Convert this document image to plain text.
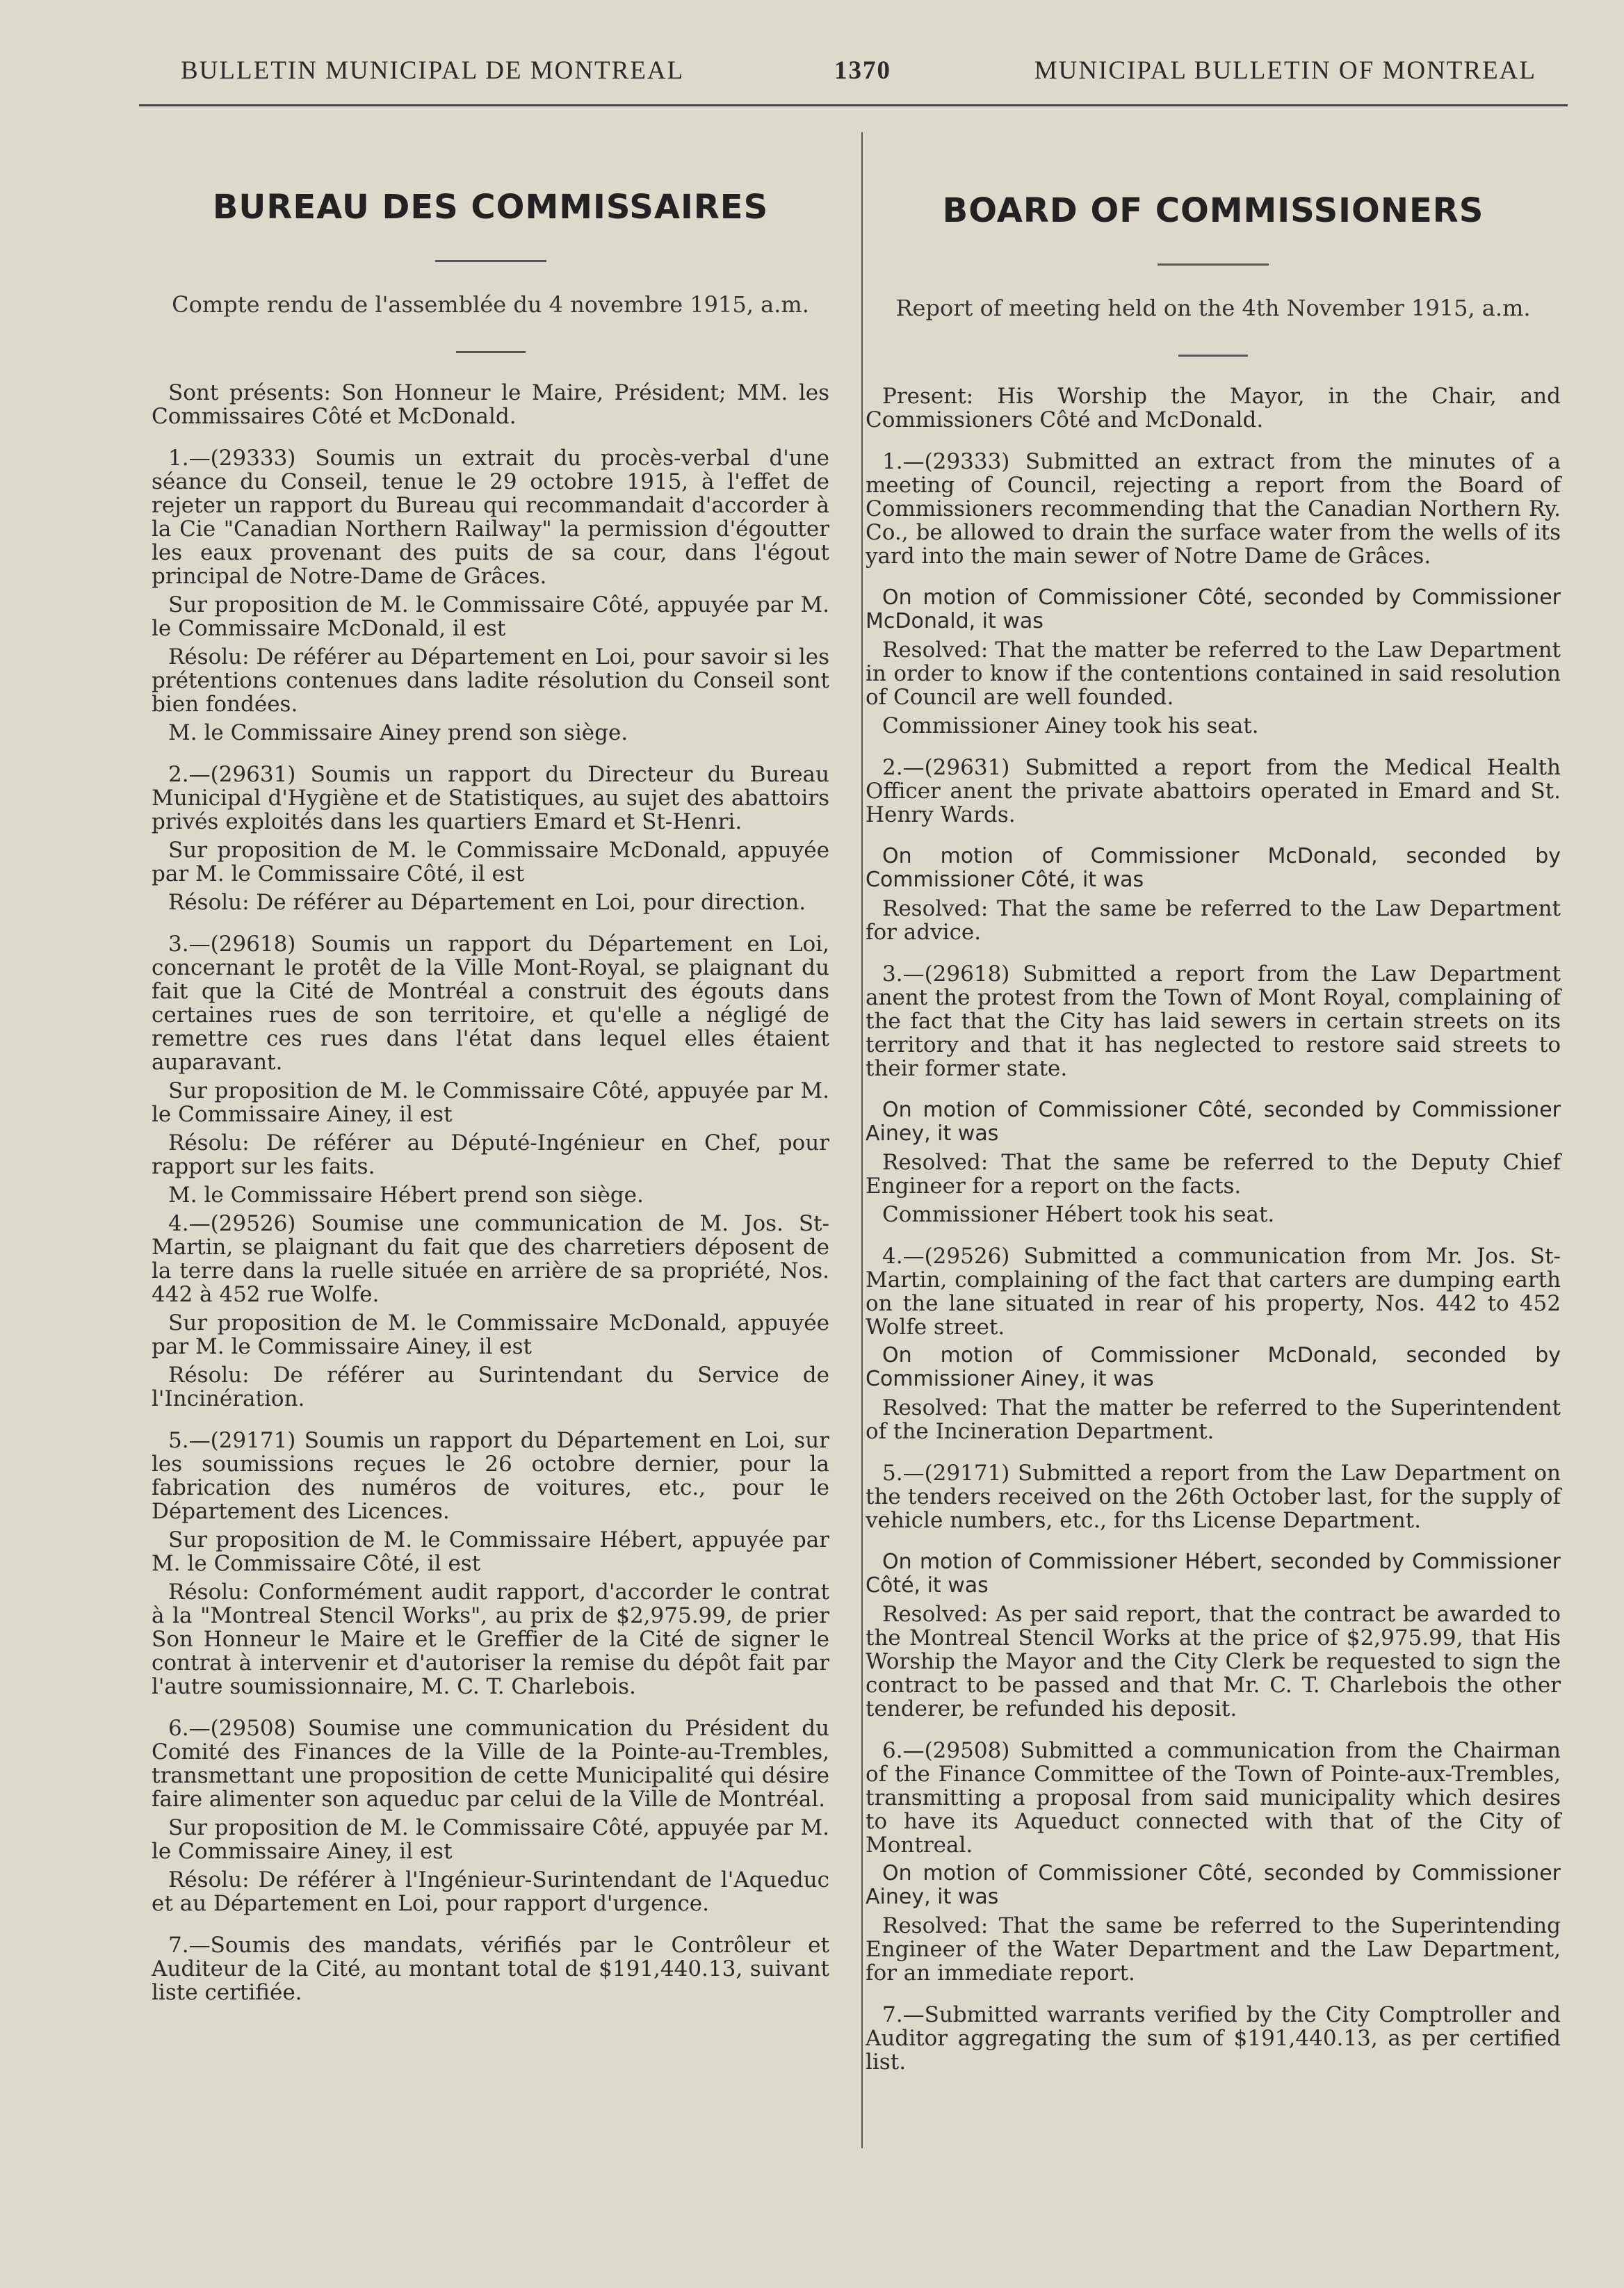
BULLETIN MUNICIPAL DE MONTREAL	1370	MUNICIPAL BULLETIN OF MONTREAL
BUREAU DES COMMISSAIRES
Compte rendu de l'assemblée du 4 novembre 1915, a.m.

Sont présents: Son Honneur le Maire, Président; MM. les Commissaires Côté et McDonald.

1.—(29333) Soumis un extrait du procès-verbal d'une séance du Conseil, tenue le 29 octobre 1915, à l'effet de rejeter un rapport du Bureau qui recommandait d'accorder à la Cie "Canadian Northern Railway" la permission d'égoutter les eaux provenant des puits de sa cour, dans l'égout principal de Notre-Dame de Grâces.

Sur proposition de M. le Commissaire Côté, appuyée par M. le Commissaire McDonald, il est

Résolu: De référer au Département en Loi, pour savoir si les prétentions contenues dans ladite résolution du Conseil sont bien fondées.

M. le Commissaire Ainey prend son siège.

2.—(29631) Soumis un rapport du Directeur du Bureau Municipal d'Hygiène et de Statistiques, au sujet des abattoirs privés exploités dans les quartiers Emard et St-Henri.

Sur proposition de M. le Commissaire McDonald, appuyée par M. le Commissaire Côté, il est

Résolu: De référer au Département en Loi, pour direction.

3.—(29618) Soumis un rapport du Département en Loi, concernant le protêt de la Ville Mont-Royal, se plaignant du fait que la Cité de Montréal a construit des égouts dans certaines rues de son territoire, et qu'elle a négligé de remettre ces rues dans l'état dans lequel elles étaient auparavant.

Sur proposition de M. le Commissaire Côté, appuyée par M. le Commissaire Ainey, il est

Résolu: De référer au Député-Ingénieur en Chef, pour rapport sur les faits.

M. le Commissaire Hébert prend son siège.

4.—(29526) Soumise une communication de M. Jos. St-Martin, se plaignant du fait que des charretiers déposent de la terre dans la ruelle située en arrière de sa propriété, Nos. 442 à 452 rue Wolfe.

Sur proposition de M. le Commissaire McDonald, appuyée par M. le Commissaire Ainey, il est

Résolu: De référer au Surintendant du Service de l'Incinération.

5.—(29171) Soumis un rapport du Département en Loi, sur les soumissions reçues le 26 octobre dernier, pour la fabrication des numéros de voitures, etc., pour le Département des Licences.

Sur proposition de M. le Commissaire Hébert, appuyée par M. le Commissaire Côté, il est

Résolu: Conformément audit rapport, d'accorder le contrat à la "Montreal Stencil Works", au prix de $2,975.99, de prier Son Honneur le Maire et le Greffier de la Cité de signer le contrat à intervenir et d'autoriser la remise du dépôt fait par l'autre soumissionnaire, M. C. T. Charlebois.

6.—(29508) Soumise une communication du Président du Comité des Finances de la Ville de la Pointe-au-Trembles, transmettant une proposition de cette Municipalité qui désire faire alimenter son aqueduc par celui de la Ville de Montréal.

Sur proposition de M. le Commissaire Côté, appuyée par M. le Commissaire Ainey, il est

Résolu: De référer à l'Ingénieur-Surintendant de l'Aqueduc et au Département en Loi, pour rapport d'urgence.

7.—Soumis des mandats, vérifiés par le Contrôleur et Auditeur de la Cité, au montant total de $191,440.13, suivant liste certifiée.

BOARD OF COMMISSIONERS
Report of meeting held on the 4th November 1915, a.m.

Present: His Worship the Mayor, in the Chair, and Commissioners Côté and McDonald.

1.—(29333) Submitted an extract from the minutes of a meeting of Council, rejecting a report from the Board of Commissioners recommending that the Canadian Northern Ry. Co., be allowed to drain the surface water from the wells of its yard into the main sewer of Notre Dame de Grâces.

On motion of Commissioner Côté, seconded by Commissioner McDonald, it was

Resolved: That the matter be referred to the Law Department in order to know if the contentions contained in said resolution of Council are well founded.

Commissioner Ainey took his seat.

2.—(29631) Submitted a report from the Medical Health Officer anent the private abattoirs operated in Emard and St. Henry Wards.

On motion of Commissioner McDonald, seconded by Commissioner Côté, it was

Resolved: That the same be referred to the Law Department for advice.

3.—(29618) Submitted a report from the Law Department anent the protest from the Town of Mont Royal, complaining of the fact that the City has laid sewers in certain streets on its territory and that it has neglected to restore said streets to their former state.

On motion of Commissioner Côté, seconded by Commissioner Ainey, it was

Resolved: That the same be referred to the Deputy Chief Engineer for a report on the facts.

Commissioner Hébert took his seat.

4.—(29526) Submitted a communication from Mr. Jos. St-Martin, complaining of the fact that carters are dumping earth on the lane situated in rear of his property, Nos. 442 to 452 Wolfe street.

On motion of Commissioner McDonald, seconded by Commissioner Ainey, it was

Resolved: That the matter be referred to the Superintendent of the Incineration Department.

5.—(29171) Submitted a report from the Law Department on the tenders received on the 26th October last, for the supply of vehicle numbers, etc., for ths License Department.

On motion of Commissioner Hébert, seconded by Commissioner Côté, it was

Resolved: As per said report, that the contract be awarded to the Montreal Stencil Works at the price of $2,975.99, that His Worship the Mayor and the City Clerk be requested to sign the contract to be passed and that Mr. C. T. Charlebois the other tenderer, be refunded his deposit.

6.—(29508) Submitted a communication from the Chairman of the Finance Committee of the Town of Pointe-aux-Trembles, transmitting a proposal from said municipality which desires to have its Aqueduct connected with that of the City of Montreal.

On motion of Commissioner Côté, seconded by Commissioner Ainey, it was

Resolved: That the same be referred to the Superintending Engineer of the Water Department and the Law Department, for an immediate report.

7.—Submitted warrants verified by the City Comptroller and Auditor aggregating the sum of $191,440.13, as per certified list.
